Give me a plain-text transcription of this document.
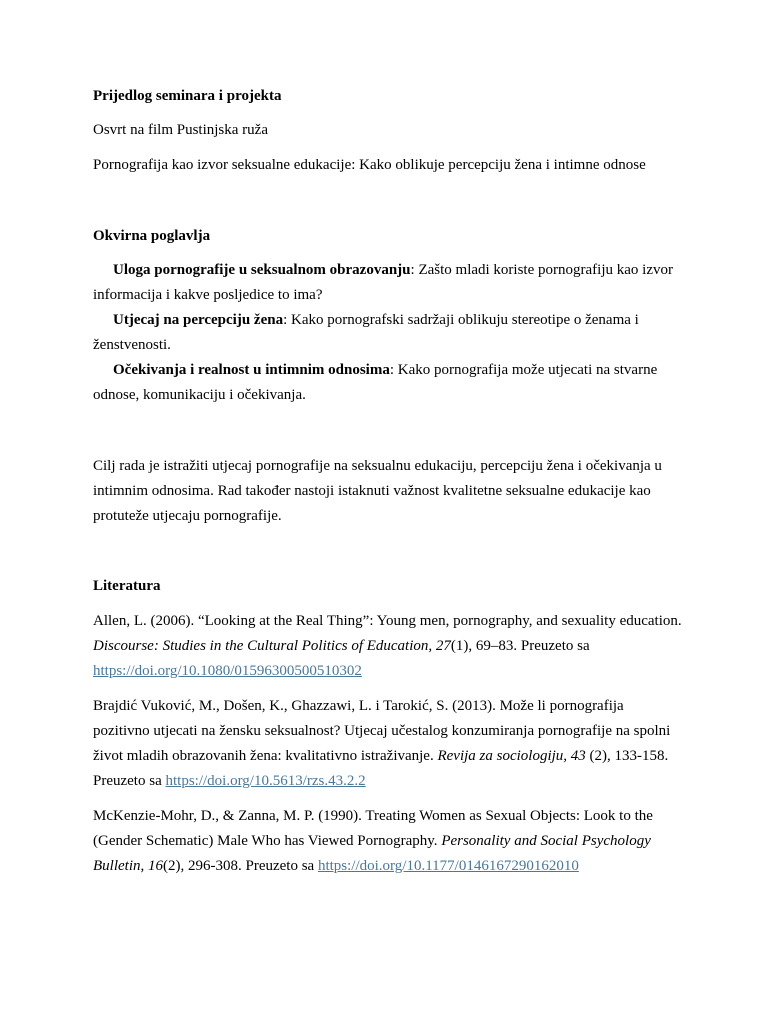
Prijedlog seminara i projekta
Osvrt na film Pustinjska ruža
Pornografija kao izvor seksualne edukacije: Kako oblikuje percepciju žena i intimne odnose
Okvirna poglavlja
Uloga pornografije u seksualnom obrazovanju: Zašto mladi koriste pornografiju kao izvor informacija i kakve posljedice to ima?
Utjecaj na percepciju žena: Kako pornografski sadržaji oblikuju stereotipe o ženama i ženstvenosti.
Očekivanja i realnost u intimnim odnosima: Kako pornografija može utjecati na stvarne odnose, komunikaciju i očekivanja.
Cilj rada je istražiti utjecaj pornografije na seksualnu edukaciju, percepciju žena i očekivanja u intimnim odnosima. Rad također nastoji istaknuti važnost kvalitetne seksualne edukacije kao protuteže utjecaju pornografije.
Literatura
Allen, L. (2006). “Looking at the Real Thing”: Young men, pornography, and sexuality education. Discourse: Studies in the Cultural Politics of Education, 27(1), 69–83. Preuzeto sa https://doi.org/10.1080/01596300500510302
Brajdić Vuković, M., Došen, K., Ghazzawi, L. i Tarokić, S. (2013). Može li pornografija pozitivno utjecati na žensku seksualnost? Utjecaj učestalog konzumiranja pornografije na spolni život mladih obrazovanih žena: kvalitativno istraživanje. Revija za sociologiju, 43 (2), 133-158. Preuzeto sa https://doi.org/10.5613/rzs.43.2.2
McKenzie-Mohr, D., & Zanna, M. P. (1990). Treating Women as Sexual Objects: Look to the (Gender Schematic) Male Who has Viewed Pornography. Personality and Social Psychology Bulletin, 16(2), 296-308. Preuzeto sa https://doi.org/10.1177/0146167290162010
